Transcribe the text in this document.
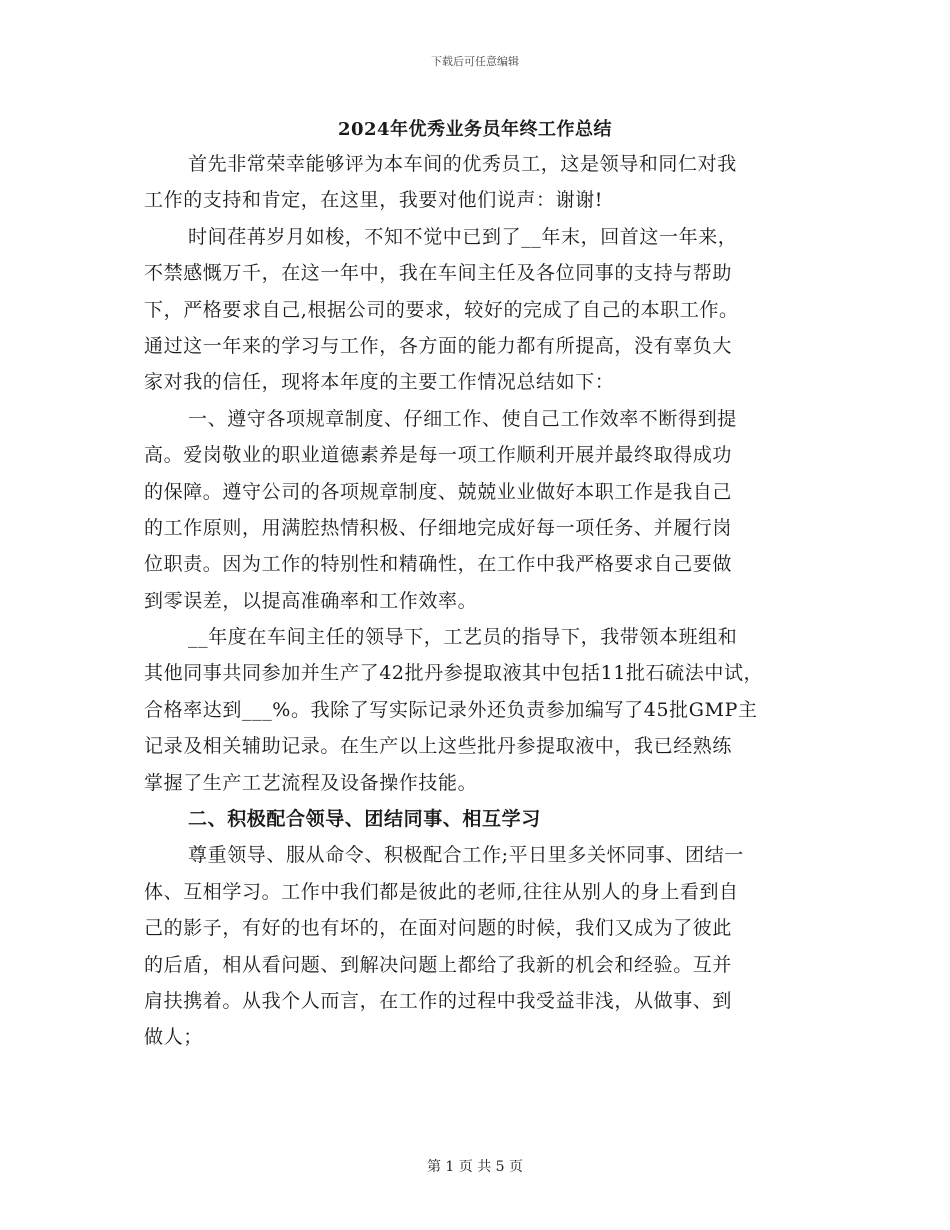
下载后可任意编辑
2024年优秀业务员年终工作总结
首先非常荣幸能够评为本车间的优秀员工，这是领导和同仁对我
工作的支持和肯定，在这里，我要对他们说声：谢谢!
时间荏苒岁月如梭，不知不觉中已到了__年末，回首这一年来，
不禁感慨万千，在这一年中，我在车间主任及各位同事的支持与帮助
下，严格要求自己,根据公司的要求，较好的完成了自己的本职工作。
通过这一年来的学习与工作，各方面的能力都有所提高，没有辜负大
家对我的信任，现将本年度的主要工作情况总结如下：
一、遵守各项规章制度、仔细工作、使自己工作效率不断得到提
高。爱岗敬业的职业道德素养是每一项工作顺利开展并最终取得成功
的保障。遵守公司的各项规章制度、兢兢业业做好本职工作是我自己
的工作原则，用满腔热情积极、仔细地完成好每一项任务、并履行岗
位职责。因为工作的特别性和精确性，在工作中我严格要求自己要做
到零误差，以提高准确率和工作效率。
__年度在车间主任的领导下，工艺员的指导下，我带领本班组和
其他同事共同参加并生产了42批丹参提取液其中包括11批石硫法中试，
合格率达到___%。我除了写实际记录外还负责参加编写了45批GMP主
记录及相关辅助记录。在生产以上这些批丹参提取液中，我已经熟练
掌握了生产工艺流程及设备操作技能。
二、积极配合领导、团结同事、相互学习
尊重领导、服从命令、积极配合工作;平日里多关怀同事、团结一
体、互相学习。工作中我们都是彼此的老师,往往从别人的身上看到自
己的影子，有好的也有坏的，在面对问题的时候，我们又成为了彼此
的后盾，相从看问题、到解决问题上都给了我新的机会和经验。互并
肩扶携着。从我个人而言，在工作的过程中我受益非浅，从做事、到
做人；
第 1 页 共 5 页
